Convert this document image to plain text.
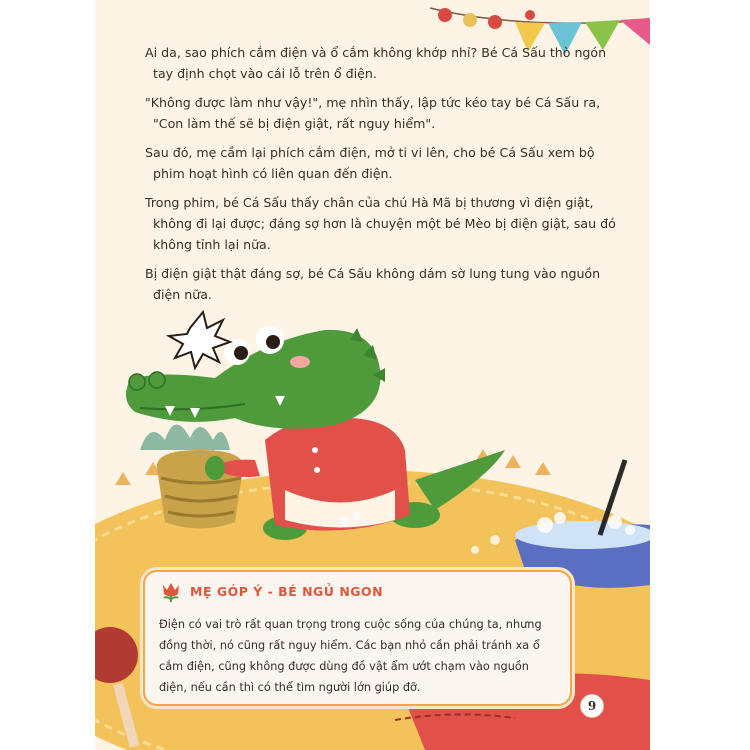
Ai da, sao phích cắm điện và ổ cắm không khớp nhỉ? Bé Cá Sấu thò ngón tay định chọt vào cái lỗ trên ổ điện.

"Không được làm như vậy!", mẹ nhìn thấy, lập tức kéo tay bé Cá Sấu ra, "Con làm thế sẽ bị điện giật, rất nguy hiểm".

Sau đó, mẹ cầm lại phích cắm điện, mở ti vi lên, cho bé Cá Sấu xem bộ phim hoạt hình có liên quan đến điện.

Trong phim, bé Cá Sấu thấy chân của chú Hà Mã bị thương vì điện giật, không đi lại được; đáng sợ hơn là chuyện một bé Mèo bị điện giật, sau đó không tỉnh lại nữa.

Bị điện giật thật đáng sợ, bé Cá Sấu không dám sờ lung tung vào nguồn điện nữa.

MẸ GÓP Ý - BÉ NGỦ NGON
Điện có vai trò rất quan trọng trong cuộc sống của chúng ta, nhưng đồng thời, nó cũng rất nguy hiểm. Các bạn nhỏ cần phải tránh xa ổ cắm điện, cũng không được dùng đồ vật ẩm ướt chạm vào nguồn điện, nếu cần thì có thể tìm người lớn giúp đỡ.
9
